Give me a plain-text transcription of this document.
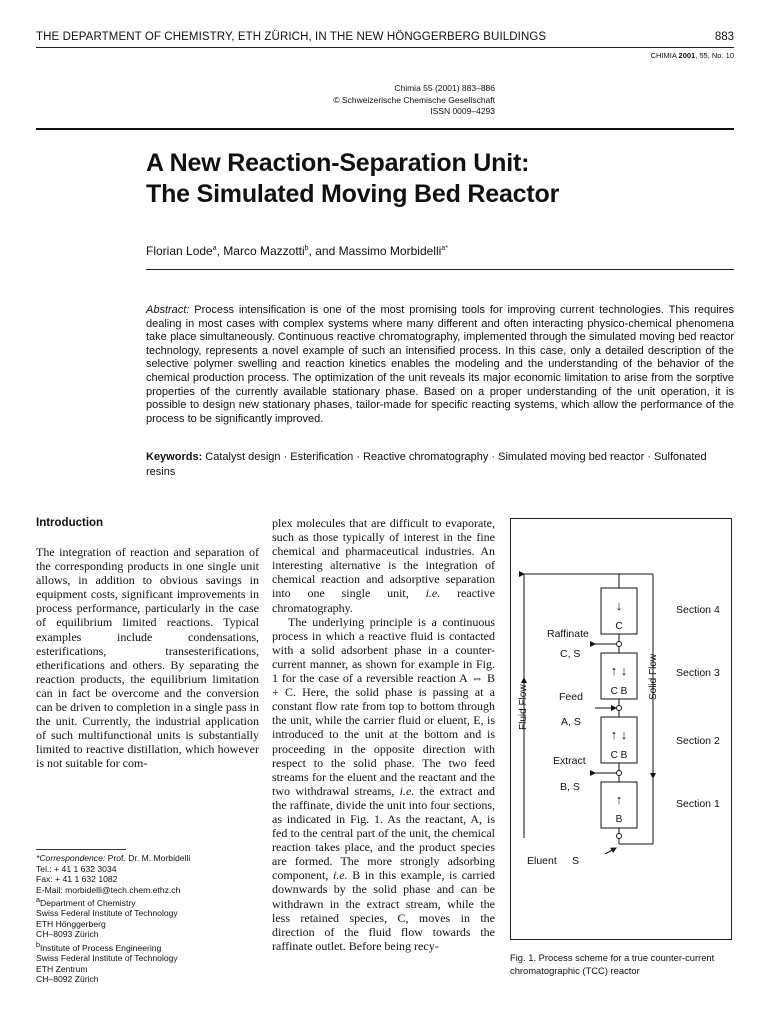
THE DEPARTMENT OF CHEMISTRY, ETH ZÜRICH, IN THE NEW HÖNGGERBERG BUILDINGS	883
CHIMIA 2001, 55, No. 10
Chimia 55 (2001) 883–886
© Schweizerische Chemische Gesellschaft
ISSN 0009–4293
A New Reaction-Separation Unit:
The Simulated Moving Bed Reactor
Florian Lode$^a$, Marco Mazzotti$^b$, and Massimo Morbidelli$^{a*}$
Abstract: Process intensification is one of the most promising tools for improving current technologies. This requires dealing in most cases with complex systems where many different and often interacting physico-chemical phenomena take place simultaneously. Continuous reactive chromatography, implemented through the simulated moving bed reactor technology, represents a novel example of such an intensified process. In this case, only a detailed description of the selective polymer swelling and reaction kinetics enables the modeling and the understanding of the behavior of the chemical production process. The optimization of the unit reveals its major economic limitation to arise from the sorptive properties of the currently available stationary phase. Based on a proper understanding of the unit operation, it is possible to design new stationary phases, tailor-made for specific reacting systems, which allow the performance of the process to be significantly improved.
Keywords: Catalyst design · Esterification · Reactive chromatography · Simulated moving bed reactor · Sulfonated resins
Introduction
The integration of reaction and separation of the corresponding products in one single unit allows, in addition to obvious savings in equipment costs, significant improvements in process performance, particularly in the case of equilibrium limited reactions. Typical examples include condensations, esterifications, transesterifications, etherifications and others. By separating the reaction products, the equilibrium limitation can in fact be overcome and the conversion can be driven to completion in a single pass in the unit. Currently, the industrial application of such multifunctional units is substantially limited to reactive distillation, which however is not suitable for com-
plex molecules that are difficult to evaporate, such as those typically of interest in the fine chemical and pharmaceutical industries. An interesting alternative is the integration of chemical reaction and adsorptive separation into one single unit, i.e. reactive chromatography.
The underlying principle is a continuous process in which a reactive fluid is contacted with a solid adsorbent phase in a counter-current manner, as shown for example in Fig. 1 for the case of a reversible reaction A ⇔ B + C. Here, the solid phase is passing at a constant flow rate from top to bottom through the unit, while the carrier fluid or eluent, E, is introduced to the unit at the bottom and is proceeding in the opposite direction with respect to the solid phase. The two feed streams for the eluent and the reactant and the two withdrawal streams, i.e. the extract and the raffinate, divide the unit into four sections, as indicated in Fig. 1. As the reactant, A, is fed to the central part of the unit, the chemical reaction takes place, and the product species are formed. The more strongly adsorbing component, i.e. B in this example, is carried downwards by the solid phase and can be withdrawn in the extract stream, while the less retained species, C, moves in the direction of the fluid flow towards the raffinate outlet. Before being recy-
*Correspondence: Prof. Dr. M. Morbidelli
Tel.: + 41 1 632 3034
Fax: + 41 1 632 1082
E-Mail: morbidelli@tech.chem.ethz.ch
$^a$Department of Chemistry
Swiss Federal Institute of Technology
ETH Hönggerberg
CH–8093 Zürich
$^b$Institute of Process Engineering
Swiss Federal Institute of Technology
ETH Zentrum
CH–8092 Zürich
↓
↑ ↓
↑ ↓
↑
C
C B
C B
B
Section 4
Section 3
Section 2
Section 1
Raffinate
C, S
Feed
A, S
Extract
B, S
Eluent S
Fluid Flow
Solid Flow
Fig. 1. Process scheme for a true counter-current chromatographic (TCC) reactor
